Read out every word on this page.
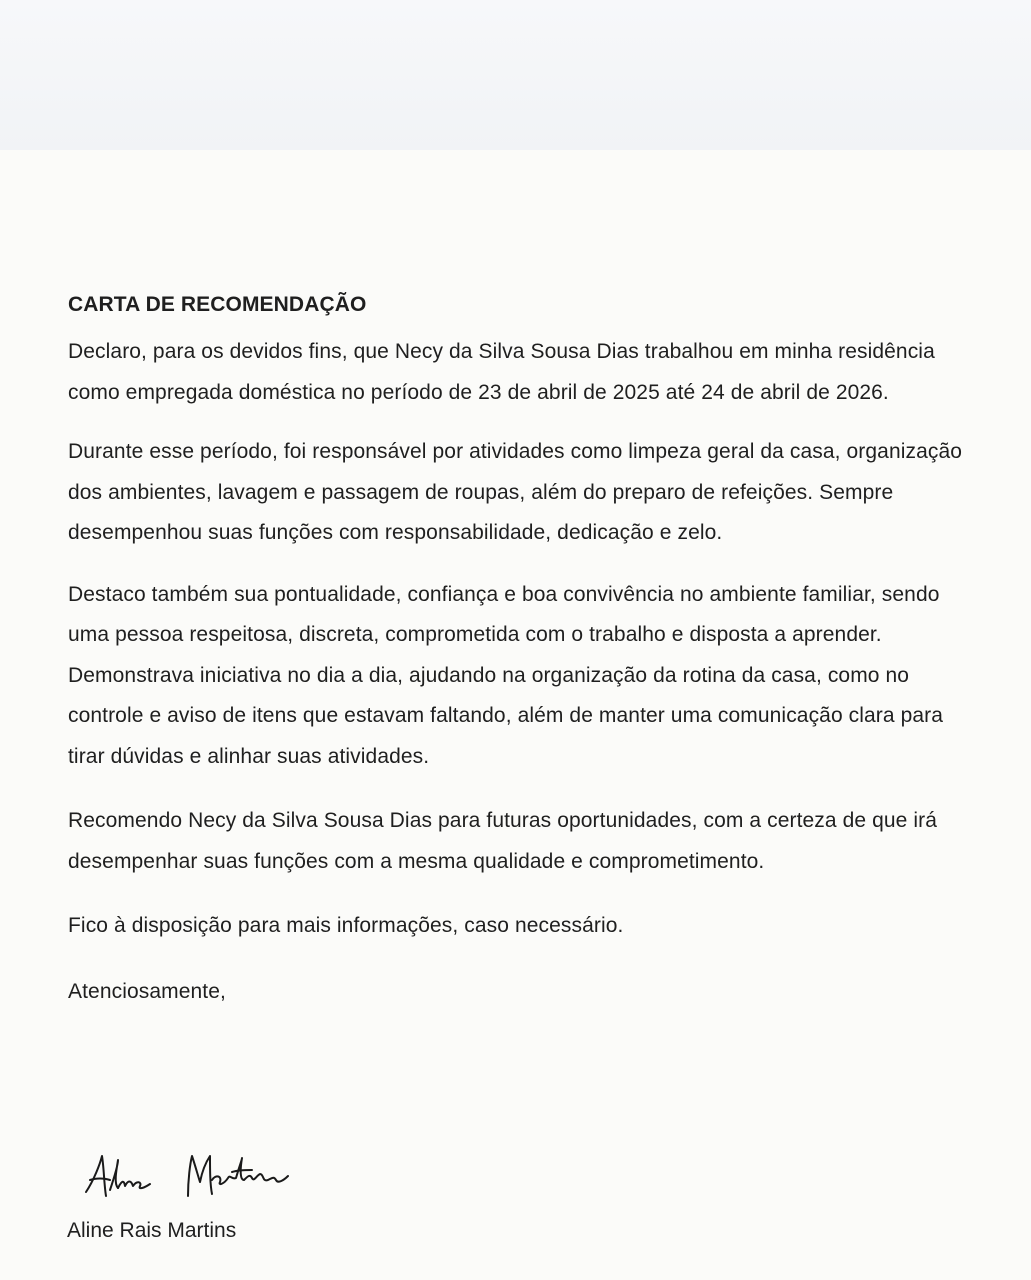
CARTA DE RECOMENDAÇÃO

Declaro, para os devidos fins, que Necy da Silva Sousa Dias trabalhou em minha residência como empregada doméstica no período de 23 de abril de 2025 até 24 de abril de 2026.

Durante esse período, foi responsável por atividades como limpeza geral da casa, organização dos ambientes, lavagem e passagem de roupas, além do preparo de refeições. Sempre desempenhou suas funções com responsabilidade, dedicação e zelo.

Destaco também sua pontualidade, confiança e boa convivência no ambiente familiar, sendo uma pessoa respeitosa, discreta, comprometida com o trabalho e disposta a aprender. Demonstrava iniciativa no dia a dia, ajudando na organização da rotina da casa, como no controle e aviso de itens que estavam faltando, além de manter uma comunicação clara para tirar dúvidas e alinhar suas atividades.

Recomendo Necy da Silva Sousa Dias para futuras oportunidades, com a certeza de que irá desempenhar suas funções com a mesma qualidade e comprometimento.

Fico à disposição para mais informações, caso necessário.

Atenciosamente,

Aline Rais Martins
